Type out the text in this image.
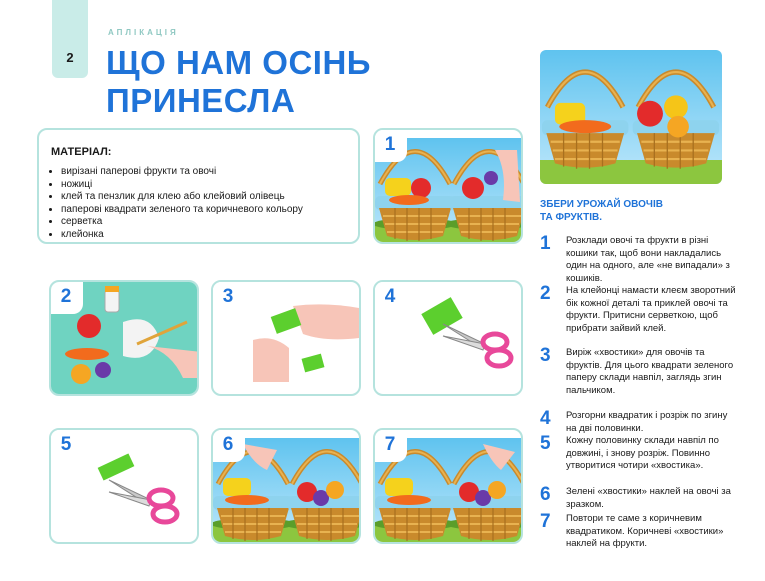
2
АПЛІКАЦІЯ
ЩО НАМ ОСІНЬ
ПРИНЕСЛА
МАТЕРІАЛ:
• вирізані паперові фрукти та овочі
• ножиці
• клей та пензлик для клею або клейовий олівець
• паперові квадрати зеленого та коричневого кольору
• серветка
• клейонка
1
2	3	4
5	6	7
ЗБЕРИ УРОЖАЙ ОВОЧІВ
ТА ФРУКТІВ.
1	Розклади овочі та фрукти в різні кошики так, щоб вони накладались один на одного, але «не випадали» з кошиків.
2	На клейонці намасти клеєм зворотний бік кожної деталі та приклей овочі та фрукти. Притисни серветкою, щоб прибрати зайвий клей.
3	Виріж «хвостики» для овочів та фруктів. Для цього квадрати зеленого паперу склади навпіл, заглядь згин пальчиком.
4	Розгорни квадратик і розріж по згину на дві половинки.
5	Кожну половинку склади навпіл по довжині, і знову розріж. Повинно утворитися чотири «хвостика».
6	Зелені «хвостики» наклей на овочі за зразком.
7	Повтори те саме з коричневим квадратиком. Коричневі «хвостики» наклей на фрукти.
